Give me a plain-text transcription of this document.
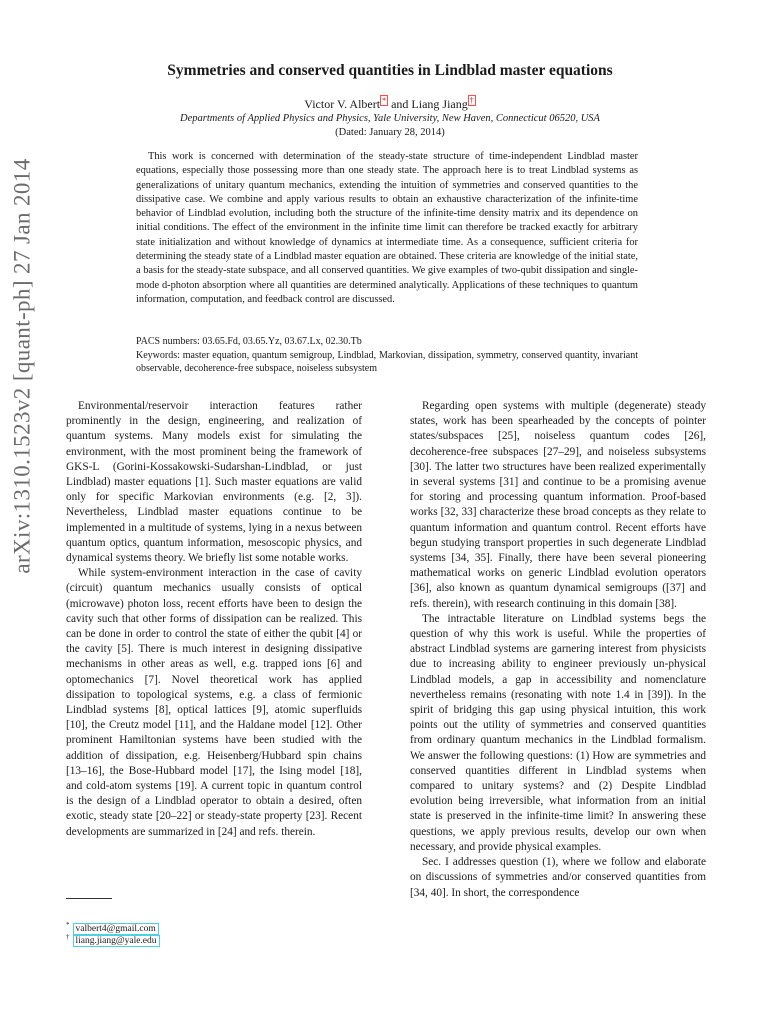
arXiv:1310.1523v2 [quant-ph] 27 Jan 2014
Symmetries and conserved quantities in Lindblad master equations
Victor V. Albert * and Liang Jiang †
Departments of Applied Physics and Physics, Yale University, New Haven, Connecticut 06520, USA
(Dated: January 28, 2014)

This work is concerned with determination of the steady-state structure of time-independent Lindblad master equations, especially those possessing more than one steady state. The approach here is to treat Lindblad systems as generalizations of unitary quantum mechanics, extending the intuition of symmetries and conserved quantities to the dissipative case. We combine and apply various results to obtain an exhaustive characterization of the infinite-time behavior of Lindblad evolution, including both the structure of the infinite-time density matrix and its dependence on initial conditions. The effect of the environment in the infinite time limit can therefore be tracked exactly for arbitrary state initialization and without knowledge of dynamics at intermediate time. As a consequence, sufficient criteria for determining the steady state of a Lindblad master equation are obtained. These criteria are knowledge of the initial state, a basis for the steady-state subspace, and all conserved quantities. We give examples of two-qubit dissipation and single-mode d-photon absorption where all quantities are determined analytically. Applications of these techniques to quantum information, computation, and feedback control are discussed.

PACS numbers: 03.65.Fd, 03.65.Yz, 03.67.Lx, 02.30.Tb

Keywords: master equation, quantum semigroup, Lindblad, Markovian, dissipation, symmetry, conserved quantity, invariant observable, decoherence-free subspace, noiseless subsystem

Environmental/reservoir interaction features rather prominently in the design, engineering, and realization of quantum systems. Many models exist for simulating the environment, with the most prominent being the framework of GKS-L (Gorini-Kossakowski-Sudarshan-Lindblad, or just Lindblad) master equations [1]. Such master equations are valid only for specific Markovian environments (e.g. [2, 3]). Nevertheless, Lindblad master equations continue to be implemented in a multitude of systems, lying in a nexus between quantum optics, quantum information, mesoscopic physics, and dynamical systems theory. We briefly list some notable works.

While system-environment interaction in the case of cavity (circuit) quantum mechanics usually consists of optical (microwave) photon loss, recent efforts have been to design the cavity such that other forms of dissipation can be realized. This can be done in order to control the state of either the qubit [4] or the cavity [5]. There is much interest in designing dissipative mechanisms in other areas as well, e.g. trapped ions [6] and optomechanics [7]. Novel theoretical work has applied dissipation to topological systems, e.g. a class of fermionic Lindblad systems [8], optical lattices [9], atomic superfluids [10], the Creutz model [11], and the Haldane model [12]. Other prominent Hamiltonian systems have been studied with the addition of dissipation, e.g. Heisenberg/Hubbard spin chains [13–16], the Bose-Hubbard model [17], the Ising model [18], and cold-atom systems [19]. A current topic in quantum control is the design of a Lindblad operator to obtain a desired, often exotic, steady state [20–22] or steady-state property [23]. Recent developments are summarized in [24] and refs. therein.

Regarding open systems with multiple (degenerate) steady states, work has been spearheaded by the concepts of pointer states/subspaces [25], noiseless quantum codes [26], decoherence-free subspaces [27–29], and noiseless subsystems [30]. The latter two structures have been realized experimentally in several systems [31] and continue to be a promising avenue for storing and processing quantum information. Proof-based works [32, 33] characterize these broad concepts as they relate to quantum information and quantum control. Recent efforts have begun studying transport properties in such degenerate Lindblad systems [34, 35]. Finally, there have been several pioneering mathematical works on generic Lindblad evolution operators [36], also known as quantum dynamical semigroups ([37] and refs. therein), with research continuing in this domain [38].

The intractable literature on Lindblad systems begs the question of why this work is useful. While the properties of abstract Lindblad systems are garnering interest from physicists due to increasing ability to engineer previously un-physical Lindblad models, a gap in accessibility and nomenclature nevertheless remains (resonating with note 1.4 in [39]). In the spirit of bridging this gap using physical intuition, this work points out the utility of symmetries and conserved quantities from ordinary quantum mechanics in the Lindblad formalism. We answer the following questions: (1) How are symmetries and conserved quantities different in Lindblad systems when compared to unitary systems? and (2) Despite Lindblad evolution being irreversible, what information from an initial state is preserved in the infinite-time limit? In answering these questions, we apply previous results, develop our own when necessary, and provide physical examples.

Sec. I addresses question (1), where we follow and elaborate on discussions of symmetries and/or conserved quantities from [34, 40]. In short, the correspondence

* valbert4@gmail.com
† liang.jiang@yale.edu
